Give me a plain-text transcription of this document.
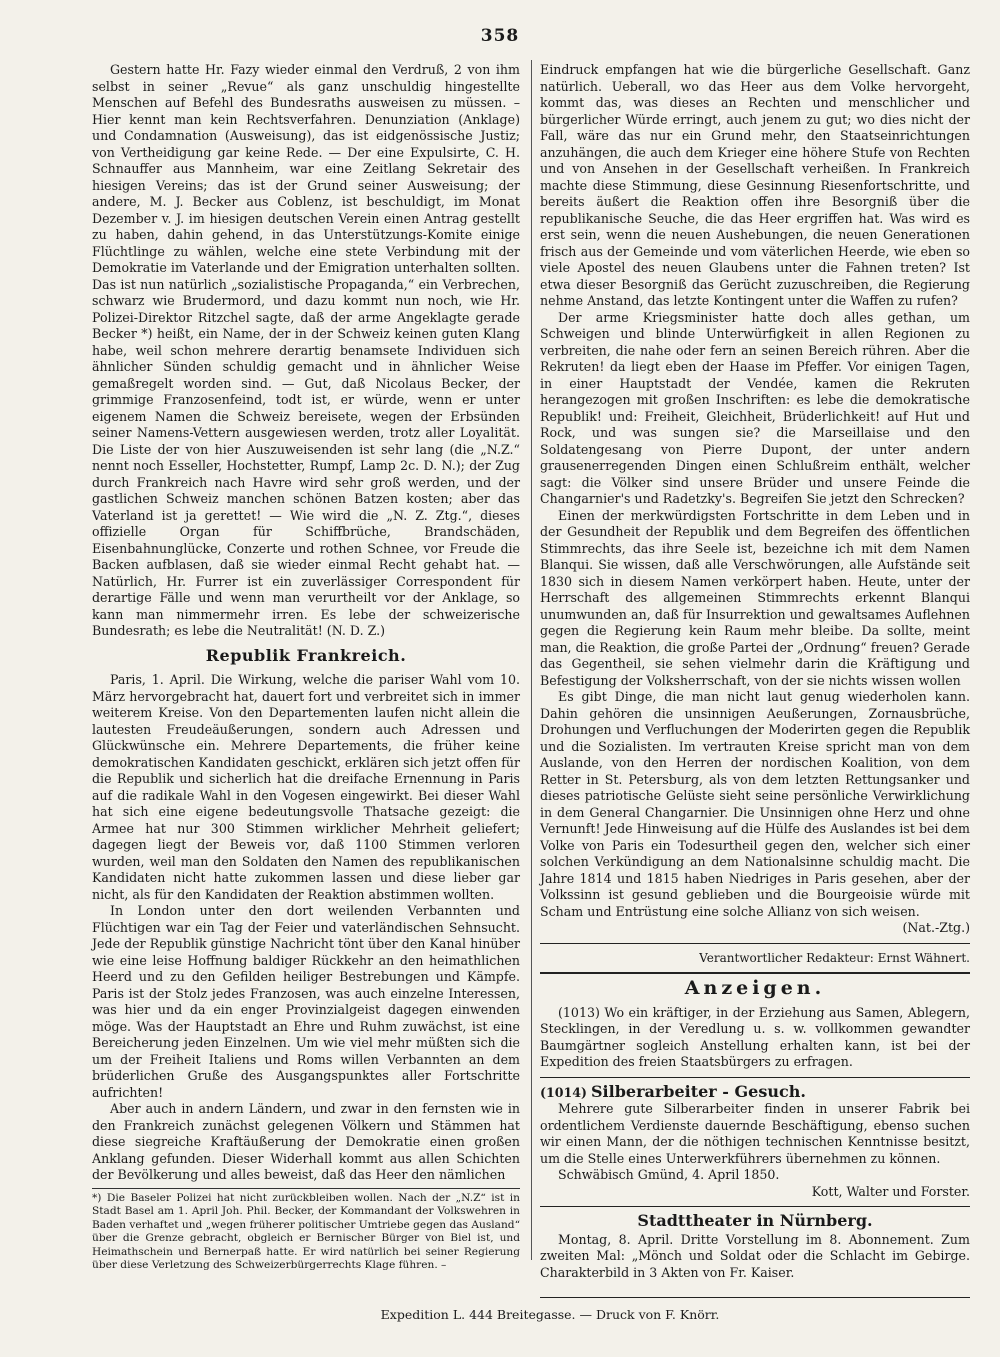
358

Gestern hatte Hr. Fazy wieder einmal den Verdruß, 2 von ihm selbst in seiner „Revue“ als ganz unschuldig hingestellte Menschen auf Befehl des Bundesraths ausweisen zu müssen. – Hier kennt man kein Rechtsverfahren. Denunziation (Anklage) und Condamnation (Ausweisung), das ist eidgenössische Justiz; von Vertheidigung gar keine Rede. — Der eine Expulsirte, C. H. Schnauffer aus Mannheim, war eine Zeitlang Sekretair des hiesigen Vereins; das ist der Grund seiner Ausweisung; der andere, M. J. Becker aus Coblenz, ist beschuldigt, im Monat Dezember v. J. im hiesigen deutschen Verein einen Antrag gestellt zu haben, dahin gehend, in das Unterstützungs-Komite einige Flüchtlinge zu wählen, welche eine stete Verbindung mit der Demokratie im Vaterlande und der Emigration unterhalten sollten. Das ist nun natürlich „sozialistische Propaganda,“ ein Verbrechen, schwarz wie Brudermord, und dazu kommt nun noch, wie Hr. Polizei-Direktor Ritzchel sagte, daß der arme Angeklagte gerade Becker *) heißt, ein Name, der in der Schweiz keinen guten Klang habe, weil schon mehrere derartig benamsete Individuen sich ähnlicher Sünden schuldig gemacht und in ähnlicher Weise gemaßregelt worden sind. — Gut, daß Nicolaus Becker, der grimmige Franzosenfeind, todt ist, er würde, wenn er unter eigenem Namen die Schweiz bereisete, wegen der Erbsünden seiner Namens-Vettern ausgewiesen werden, trotz aller Loyalität. Die Liste der von hier Auszuweisenden ist sehr lang (die „N.Z.“ nennt noch Esseller, Hochstetter, Rumpf, Lamp 2c. D. N.); der Zug durch Frankreich nach Havre wird sehr groß werden, und der gastlichen Schweiz manchen schönen Batzen kosten; aber das Vaterland ist ja gerettet! — Wie wird die „N. Z. Ztg.“, dieses offizielle Organ für Schiffbrüche, Brandschäden, Eisenbahnunglücke, Conzerte und rothen Schnee, vor Freude die Backen aufblasen, daß sie wieder einmal Recht gehabt hat. — Natürlich, Hr. Furrer ist ein zuverlässiger Correspondent für derartige Fälle und wenn man verurtheilt vor der Anklage, so kann man nimmermehr irren. Es lebe der schweizerische Bundesrath; es lebe die Neutralität! (N. D. Z.)

Republik Frankreich.

Paris, 1. April. Die Wirkung, welche die pariser Wahl vom 10. März hervorgebracht hat, dauert fort und verbreitet sich in immer weiterem Kreise. Von den Departementen laufen nicht allein die lautesten Freudeäußerungen, sondern auch Adressen und Glückwünsche ein. Mehrere Departements, die früher keine demokratischen Kandidaten geschickt, erklären sich jetzt offen für die Republik und sicherlich hat die dreifache Ernennung in Paris auf die radikale Wahl in den Vogesen eingewirkt. Bei dieser Wahl hat sich eine eigene bedeutungsvolle Thatsache gezeigt: die Armee hat nur 300 Stimmen wirklicher Mehrheit geliefert; dagegen liegt der Beweis vor, daß 1100 Stimmen verloren wurden, weil man den Soldaten den Namen des republikanischen Kandidaten nicht hatte zukommen lassen und diese lieber gar nicht, als für den Kandidaten der Reaktion abstimmen wollten.

In London unter den dort weilenden Verbannten und Flüchtigen war ein Tag der Feier und vaterländischen Sehnsucht. Jede der Republik günstige Nachricht tönt über den Kanal hinüber wie eine leise Hoffnung baldiger Rückkehr an den heimathlichen Heerd und zu den Gefilden heiliger Bestrebungen und Kämpfe. Paris ist der Stolz jedes Franzosen, was auch einzelne Interessen, was hier und da ein enger Provinzialgeist dagegen einwenden möge. Was der Hauptstadt an Ehre und Ruhm zuwächst, ist eine Bereicherung jeden Einzelnen. Um wie viel mehr müßten sich die um der Freiheit Italiens und Roms willen Verbannten an dem brüderlichen Gruße des Ausgangspunktes aller Fortschritte aufrichten!

Aber auch in andern Ländern, und zwar in den fernsten wie in den Frankreich zunächst gelegenen Völkern und Stämmen hat diese siegreiche Kraftäußerung der Demokratie einen großen Anklang gefunden. Dieser Widerhall kommt aus allen Schichten der Bevölkerung und alles beweist, daß das Heer den nämlichen

*) Die Baseler Polizei hat nicht zurückbleiben wollen. Nach der „N.Z“ ist in Stadt Basel am 1. April Joh. Phil. Becker, der Kommandant der Volkswehren in Baden verhaftet und „wegen früherer politischer Umtriebe gegen das Ausland“ über die Grenze gebracht, obgleich er Bernischer Bürger von Biel ist, und Heimathschein und Bernerpaß hatte. Er wird natürlich bei seiner Regierung über diese Verletzung des Schweizerbürgerrechts Klage führen. –

Eindruck empfangen hat wie die bürgerliche Gesellschaft. Ganz natürlich. Ueberall, wo das Heer aus dem Volke hervorgeht, kommt das, was dieses an Rechten und menschlicher und bürgerlicher Würde erringt, auch jenem zu gut; wo dies nicht der Fall, wäre das nur ein Grund mehr, den Staatseinrichtungen anzuhängen, die auch dem Krieger eine höhere Stufe von Rechten und von Ansehen in der Gesellschaft verheißen. In Frankreich machte diese Stimmung, diese Gesinnung Riesenfortschritte, und bereits äußert die Reaktion offen ihre Besorgniß über die republikanische Seuche, die das Heer ergriffen hat. Was wird es erst sein, wenn die neuen Aushebungen, die neuen Generationen frisch aus der Gemeinde und vom väterlichen Heerde, wie eben so viele Apostel des neuen Glaubens unter die Fahnen treten? Ist etwa dieser Besorgniß das Gerücht zuzuschreiben, die Regierung nehme Anstand, das letzte Kontingent unter die Waffen zu rufen?

Der arme Kriegsminister hatte doch alles gethan, um Schweigen und blinde Unterwürfigkeit in allen Regionen zu verbreiten, die nahe oder fern an seinen Bereich rühren. Aber die Rekruten! da liegt eben der Haase im Pfeffer. Vor einigen Tagen, in einer Hauptstadt der Vendée, kamen die Rekruten herangezogen mit großen Inschriften: es lebe die demokratische Republik! und: Freiheit, Gleichheit, Brüderlichkeit! auf Hut und Rock, und was sungen sie? die Marseillaise und den Soldatengesang von Pierre Dupont, der unter andern grausenerregenden Dingen einen Schlußreim enthält, welcher sagt: die Völker sind unsere Brüder und unsere Feinde die Changarnier's und Radetzky's. Begreifen Sie jetzt den Schrecken?

Einen der merkwürdigsten Fortschritte in dem Leben und in der Gesundheit der Republik und dem Begreifen des öffentlichen Stimmrechts, das ihre Seele ist, bezeichne ich mit dem Namen Blanqui. Sie wissen, daß alle Verschwörungen, alle Aufstände seit 1830 sich in diesem Namen verkörpert haben. Heute, unter der Herrschaft des allgemeinen Stimmrechts erkennt Blanqui unumwunden an, daß für Insurrektion und gewaltsames Auflehnen gegen die Regierung kein Raum mehr bleibe. Da sollte, meint man, die Reaktion, die große Partei der „Ordnung“ freuen? Gerade das Gegentheil, sie sehen vielmehr darin die Kräftigung und Befestigung der Volksherrschaft, von der sie nichts wissen wollen

Es gibt Dinge, die man nicht laut genug wiederholen kann. Dahin gehören die unsinnigen Aeußerungen, Zornausbrüche, Drohungen und Verfluchungen der Moderirten gegen die Republik und die Sozialisten. Im vertrauten Kreise spricht man von dem Auslande, von den Herren der nordischen Koalition, von dem Retter in St. Petersburg, als von dem letzten Rettungsanker und dieses patriotische Gelüste sieht seine persönliche Verwirklichung in dem General Changarnier. Die Unsinnigen ohne Herz und ohne Vernunft! Jede Hinweisung auf die Hülfe des Auslandes ist bei dem Volke von Paris ein Todesurtheil gegen den, welcher sich einer solchen Verkündigung an dem Nationalsinne schuldig macht. Die Jahre 1814 und 1815 haben Niedriges in Paris gesehen, aber der Volkssinn ist gesund geblieben und die Bourgeoisie würde mit Scham und Entrüstung eine solche Allianz von sich weisen.

(Nat.-Ztg.)
Verantwortlicher Redakteur: Ernst Wähnert.
Anzeigen.

(1013) Wo ein kräftiger, in der Erziehung aus Samen, Ablegern, Stecklingen, in der Veredlung u. s. w. vollkommen gewandter Baumgärtner sogleich Anstellung erhalten kann, ist bei der Expedition des freien Staatsbürgers zu erfragen.

(1014) Silberarbeiter - Gesuch.

Mehrere gute Silberarbeiter finden in unserer Fabrik bei ordentlichem Verdienste dauernde Beschäftigung, ebenso suchen wir einen Mann, der die nöthigen technischen Kenntnisse besitzt, um die Stelle eines Unterwerkführers übernehmen zu können.

Schwäbisch Gmünd, 4. April 1850.

Kott, Walter und Forster.
Stadttheater in Nürnberg.

Montag, 8. April. Dritte Vorstellung im 8. Abonnement. Zum zweiten Mal: „Mönch und Soldat oder die Schlacht im Gebirge. Charakterbild in 3 Akten von Fr. Kaiser.

Expedition L. 444 Breitegasse. — Druck von F. Knörr.
